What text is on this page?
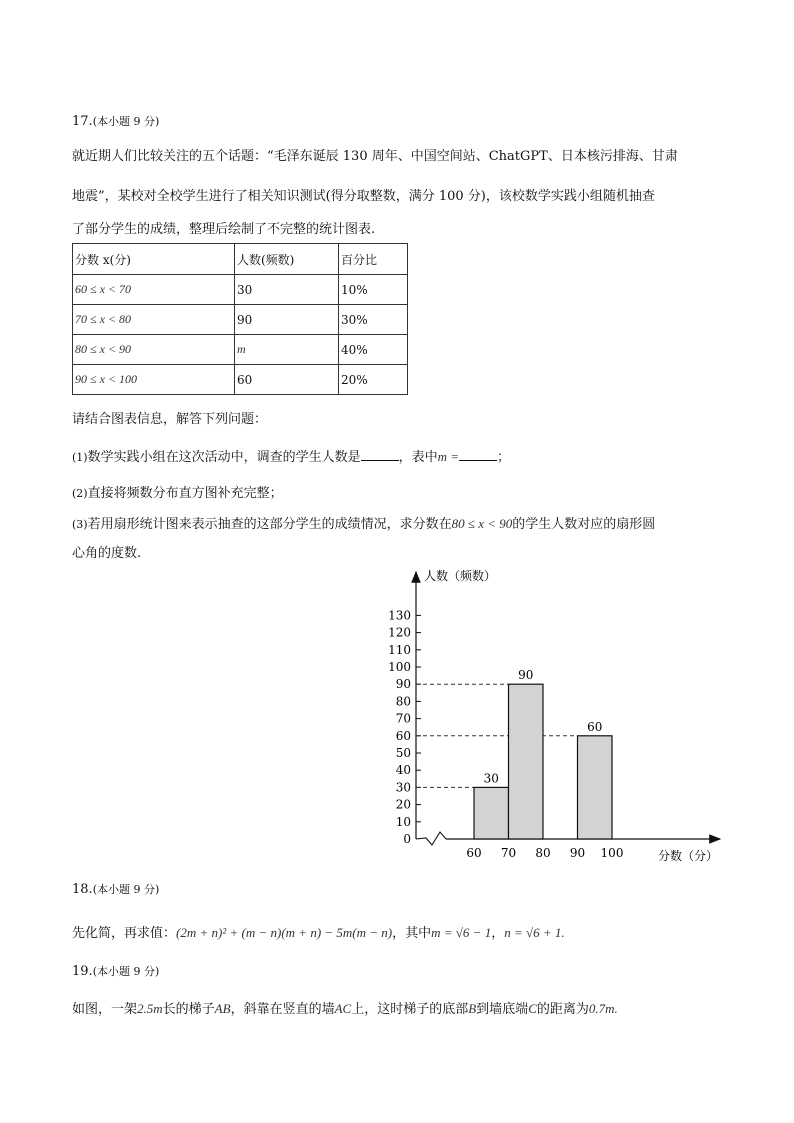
17.(本小题 9 分)
就近期人们比较关注的五个话题：“毛泽东诞辰 130 周年、中国空间站、ChatGPT、日本核污排海、甘肃
地震”，某校对全校学生进行了相关知识测试(得分取整数，满分 100 分)，该校数学实践小组随机抽查
了部分学生的成绩，整理后绘制了不完整的统计图表.
分数 x(分)	人数(频数)	百分比
60 ≤ x < 70	30	10%
70 ≤ x < 80	90	30%
80 ≤ x < 90	m	40%
90 ≤ x < 100	60	20%
请结合图表信息，解答下列问题：
(1)数学实践小组在这次活动中，调查的学生人数是	，表中m =	；
(2)直接将频数分布直方图补充完整；
(3)若用扇形统计图来表示抽查的这部分学生的成绩情况，求分数在80 ≤ x < 90的学生人数对应的扇形圆
心角的度数.
0
10
20
30
40
50
60
70
80
90
100
110
120
130
60 70 80 90 100
30
90
60
人数（频数）
分数（分）
18.(本小题 9 分)
先化简，再求值：(2m + n)² + (m − n)(m + n) − 5m(m − n)，其中m = √6 − 1，n = √6 + 1.
19.(本小题 9 分)
如图，一架2.5m长的梯子AB，斜靠在竖直的墙AC上，这时梯子的底部B到墙底端C的距离为0.7m.
